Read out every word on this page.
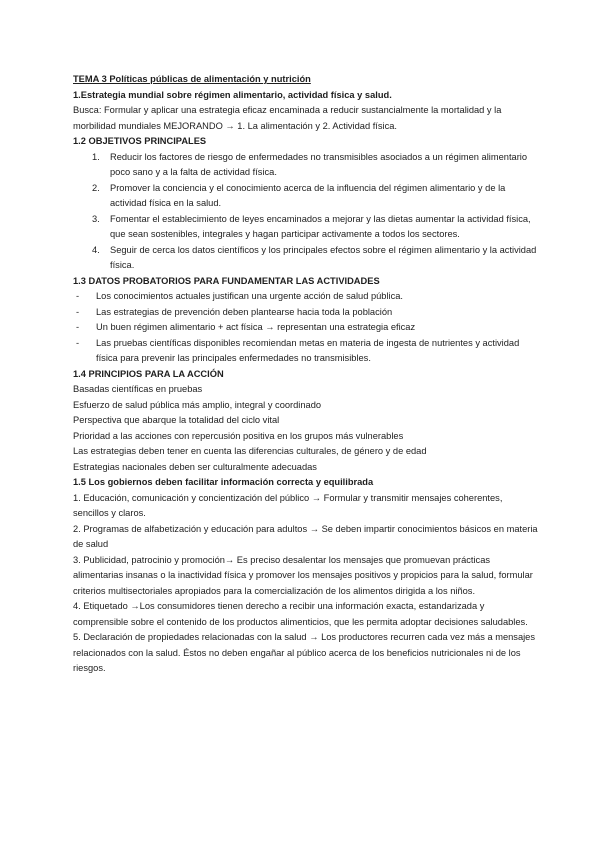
TEMA 3 Políticas públicas de alimentación y nutrición

1.Estrategia mundial sobre régimen alimentario, actividad física y salud.

Busca: Formular y aplicar una estrategia eficaz encaminada a reducir sustancialmente la mortalidad y la morbilidad mundiales MEJORANDO → 1. La alimentación y 2. Actividad física.

1.2 OBJETIVOS PRINCIPALES

1. Reducir los factores de riesgo de enfermedades no transmisibles asociados a un régimen alimentario poco sano y a la falta de actividad física.
2. Promover la conciencia y el conocimiento acerca de la influencia del régimen alimentario y de la actividad física en la salud.
3. Fomentar el establecimiento de leyes encaminados a mejorar y las dietas aumentar la actividad física, que sean sostenibles, integrales y hagan participar activamente a todos los sectores.
4. Seguir de cerca los datos científicos y los principales efectos sobre el régimen alimentario y la actividad física.

1.3 DATOS PROBATORIOS PARA FUNDAMENTAR LAS ACTIVIDADES

- Los conocimientos actuales justifican una urgente acción de salud pública.
- Las estrategias de prevención deben plantearse hacia toda la población
- Un buen régimen alimentario + act física → representan una estrategia eficaz
- Las pruebas científicas disponibles recomiendan metas en materia de ingesta de nutrientes y actividad física para prevenir las principales enfermedades no transmisibles.

1.4 PRINCIPIOS PARA LA ACCIÓN

Basadas científicas en pruebas

Esfuerzo de salud pública más amplio, integral y coordinado

Perspectiva que abarque la totalidad del ciclo vital

Prioridad a las acciones con repercusión positiva en los grupos más vulnerables

Las estrategias deben tener en cuenta las diferencias culturales, de género y de edad

Estrategias nacionales deben ser culturalmente adecuadas

1.5 Los gobiernos deben facilitar información correcta y equilibrada

1. Educación, comunicación y concientización del público → Formular y transmitir mensajes coherentes, sencillos y claros.

2. Programas de alfabetización y educación para adultos → Se deben impartir conocimientos básicos en materia de salud

3. Publicidad, patrocinio y promoción→ Es preciso desalentar los mensajes que promuevan prácticas alimentarias insanas o la inactividad física y promover los mensajes positivos y propicios para la salud, formular criterios multisectoriales apropiados para la comercialización de los alimentos dirigida a los niños.

4. Etiquetado →Los consumidores tienen derecho a recibir una información exacta, estandarizada y comprensible sobre el contenido de los productos alimenticios, que les permita adoptar decisiones saludables.

5. Declaración de propiedades relacionadas con la salud → Los productores recurren cada vez más a mensajes relacionados con la salud. Éstos no deben engañar al público acerca de los beneficios nutricionales ni de los riesgos.
